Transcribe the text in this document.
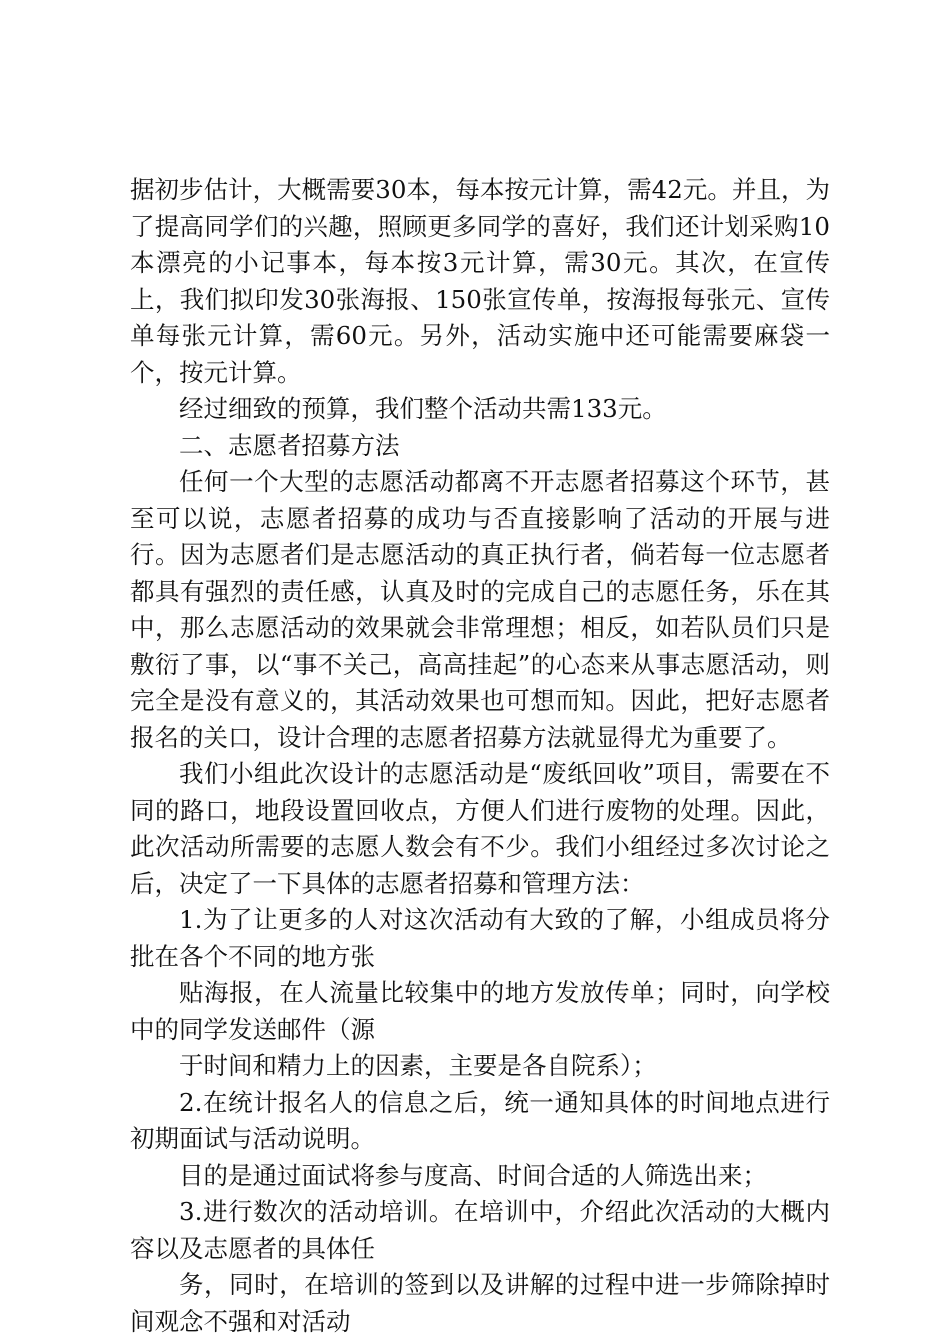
据初步估计，大概需要30本，每本按元计算，需42元。并且，为了提高同学们的兴趣，照顾更多同学的喜好，我们还计划采购10本漂亮的小记事本，每本按3元计算，需30元。其次，在宣传上，我们拟印发30张海报、150张宣传单，按海报每张元、宣传单每张元计算，需60元。另外，活动实施中还可能需要麻袋一个，按元计算。

经过细致的预算，我们整个活动共需133元。

二、志愿者招募方法

任何一个大型的志愿活动都离不开志愿者招募这个环节，甚至可以说，志愿者招募的成功与否直接影响了活动的开展与进行。因为志愿者们是志愿活动的真正执行者，倘若每一位志愿者都具有强烈的责任感，认真及时的完成自己的志愿任务，乐在其中，那么志愿活动的效果就会非常理想；相反，如若队员们只是敷衍了事，以“事不关己，高高挂起”的心态来从事志愿活动，则完全是没有意义的，其活动效果也可想而知。因此，把好志愿者报名的关口，设计合理的志愿者招募方法就显得尤为重要了。

我们小组此次设计的志愿活动是“废纸回收”项目，需要在不同的路口，地段设置回收点，方便人们进行废物的处理。因此，此次活动所需要的志愿人数会有不少。我们小组经过多次讨论之后，决定了一下具体的志愿者招募和管理方法：

1.为了让更多的人对这次活动有大致的了解，小组成员将分批在各个不同的地方张

贴海报，在人流量比较集中的地方发放传单；同时，向学校中的同学发送邮件（源

于时间和精力上的因素，主要是各自院系）；

2.在统计报名人的信息之后，统一通知具体的时间地点进行初期面试与活动说明。

目的是通过面试将参与度高、时间合适的人筛选出来；

3.进行数次的活动培训。在培训中，介绍此次活动的大概内容以及志愿者的具体任

务，同时，在培训的签到以及讲解的过程中进一步筛除掉时间观念不强和对活动
